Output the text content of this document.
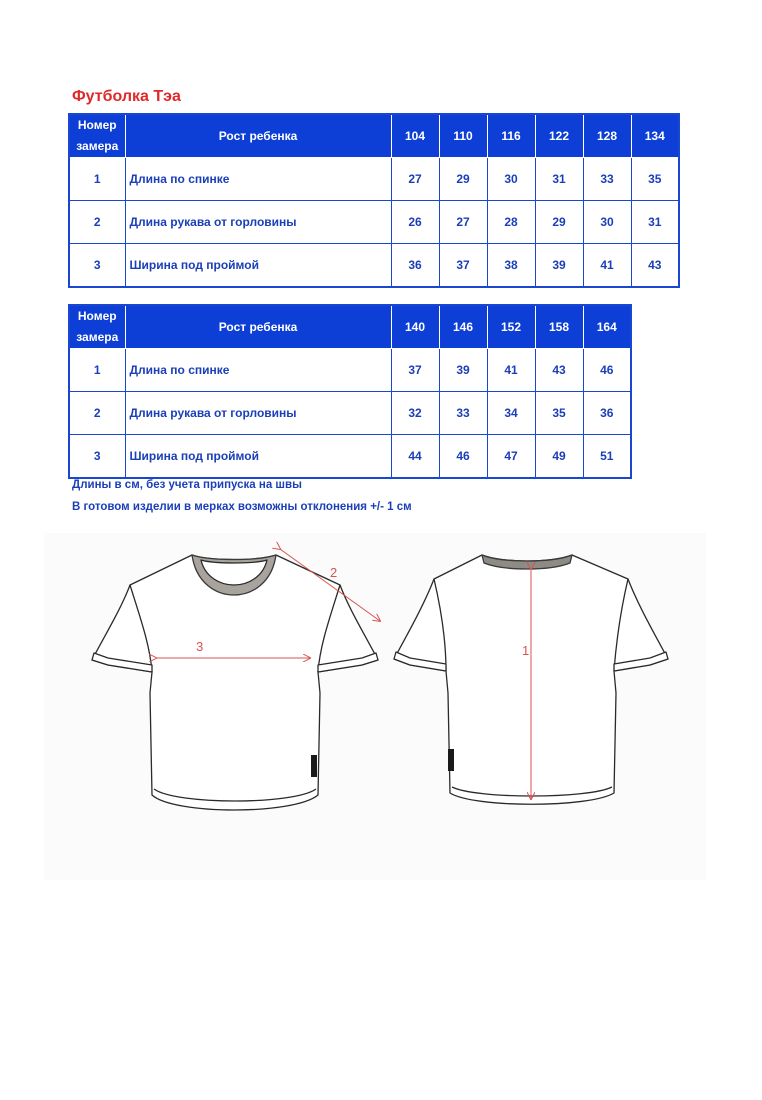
Футболка Тэа
Номер замера	Рост ребенка	104	110	116	122	128	134
1	Длина по спинке	27	29	30	31	33	35
2	Длина рукава от горловины	26	27	28	29	30	31
3	Ширина под проймой	36	37	38	39	41	43
Номер замера	Рост ребенка	140	146	152	158	164
1	Длина по спинке	37	39	41	43	46
2	Длина рукава от горловины	32	33	34	35	36
3	Ширина под проймой	44	46	47	49	51
Длины в см, без учета припуска на швы
В готовом изделии в мерках возможны отклонения +/- 1 см
1
2
3
